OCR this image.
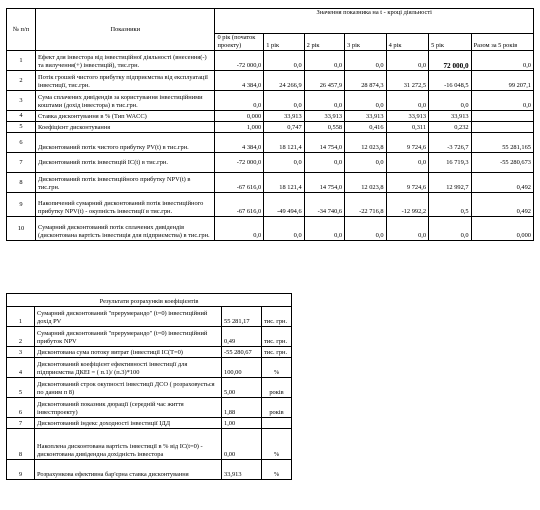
№ п/п	Показники	Значення показника на t - кроці діяльності						
		0 рік (початок проекту)	1 рік	2 рік	3 рік	4 рік	5 рік	Разом за 5 років
1	Ефект для інвестора від інвестиційної діяльності (внесення(-) та вилучення(+) інвестицій), тис.грн.	-72 000,0	0,0	0,0	0,0	0,0	72 000,0	0,0
2	Потік грошей чистого прибутку підприємства від експлуатації інвестиції, тис.грн.	4 384,0	24 266,9	26 457,9	28 874,3	31 272,5	-16 048,5	99 207,1
3	Сума сплачених дивідендів за користування інвестиційними коштами (дохід інвестора) в тис.грн.	0,0	0,0	0,0	0,0	0,0	0,0	0,0
4	Ставка дисконтування в % (Тип WACC)	0,000	33,913	33,913	33,913	33,913	33,913	
5	Коефіцієнт дисконтування	1,000	0,747	0,558	0,416	0,311	0,232	
6	Дисконтований потік чистого прибутку PV(t) в тис.грн.	4 384,0	18 121,4	14 754,0	12 023,8	9 724,6	-3 726,7	55 281,165
7	Дисконтований потік інвестицій IC(t) в тис.грн.	-72 000,0	0,0	0,0	0,0	0,0	16 719,3	-55 280,673
8	Дисконтований потік інвестиційного прибутку NPV(t) в тис.грн.	-67 616,0	18 121,4	14 754,0	12 023,8	9 724,6	12 992,7	0,492
9	Накопичений сумарний дисконтований потік інвестиційного прибутку NPV(t) - окупність інвестиції в тис.грн.	-67 616,0	-49 494,6	-34 740,6	-22 716,8	-12 992,2	0,5	0,492
10	Сумарний дисконтований потік сплачених дивідендів (дисконтована вартість інвестиція для підприємства) в тис.грн.	0,0	0,0	0,0	0,0	0,0	0,0	0,000
Результати розрахунків коефіцієнтів			
1	Сумарний дисконтований "прерумерандо" (t=0) інвестиційний дохід PV	55 281,17	тис. грн.
2	Сумарний дисконтований "прерумерандо" (t=0) інвестиційний прибуток NPV	0,49	тис. грн.
3	Дисконтована сума потоку витрат (інвестиції IC(T=0)	-55 280,67	тис. грн.
4	Дисконтований коефіцієнт ефективності інвестиції для підприємства ДКЕІ = ( п.1)/ (п.3)*100	100,00	%
5	Дисконтований строк окупності інвестиції ДСО ( розраховується по даним п 8)	5,00	років
6	Дисконтований показник дюрації (середній час життя інвестпроекту)	1,88	років
7	Дисконтований індекс доходності інвестиції ІДД	1,00	
8	Накоплена дисконтована вартість інвестиції в % від IC(t=0) - дисконтована дивідендна дохідність інвестора	0,00	%
9	Розрахункова ефективна бар'єрна ставка дисконтування	33,913	%
